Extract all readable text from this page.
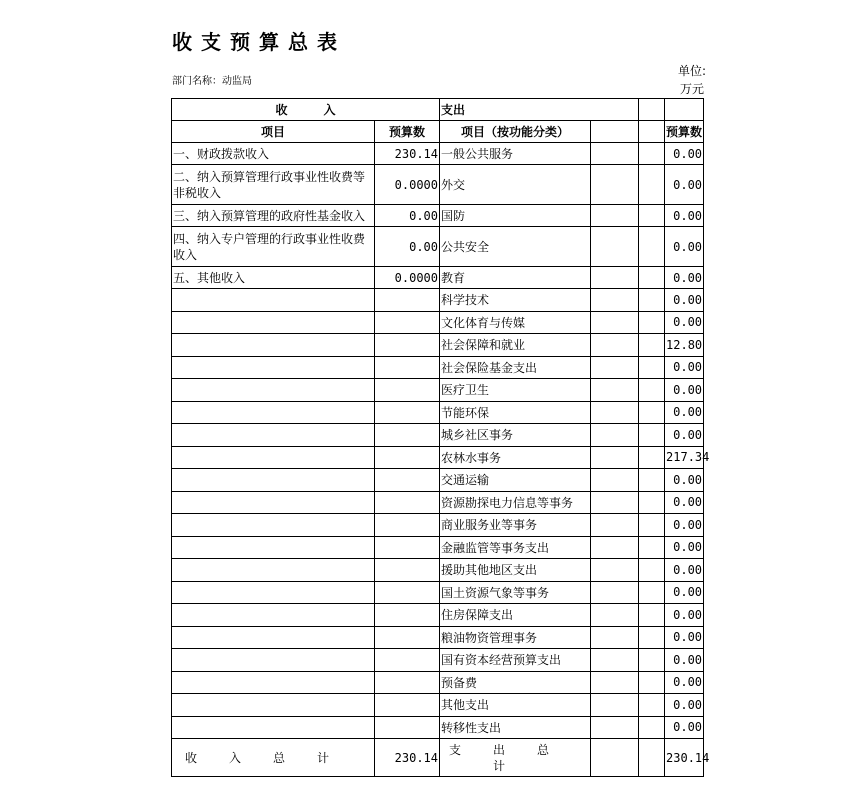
收支预算总表
部门名称：动监局
单位:万元
收　　　入		支出			
项目	预算数	项目（按功能分类）			预算数
一、财政拨款收入	230.14	一般公共服务			0.00
二、纳入预算管理行政事业性收费等非税收入	0.0000	外交			0.00
三、纳入预算管理的政府性基金收入	0.00	国防			0.00
四、纳入专户管理的行政事业性收费收入	0.00	公共安全			0.00
五、其他收入	0.0000	教育			0.00
		科学技术			0.00
		文化体育与传媒			0.00
		社会保障和就业			12.80
		社会保险基金支出			0.00
		医疗卫生			0.00
		节能环保			0.00
		城乡社区事务			0.00
		农林水事务			217.34
		交通运输			0.00
		资源勘探电力信息等事务			0.00
		商业服务业等事务			0.00
		金融监管等事务支出			0.00
		援助其他地区支出			0.00
		国土资源气象等事务			0.00
		住房保障支出			0.00
		粮油物资管理事务			0.00
		国有资本经营预算支出			0.00
		预备费			0.00
		其他支出			0.00
		转移性支出			0.00
收入总计	230.14	支出总计			230.14
